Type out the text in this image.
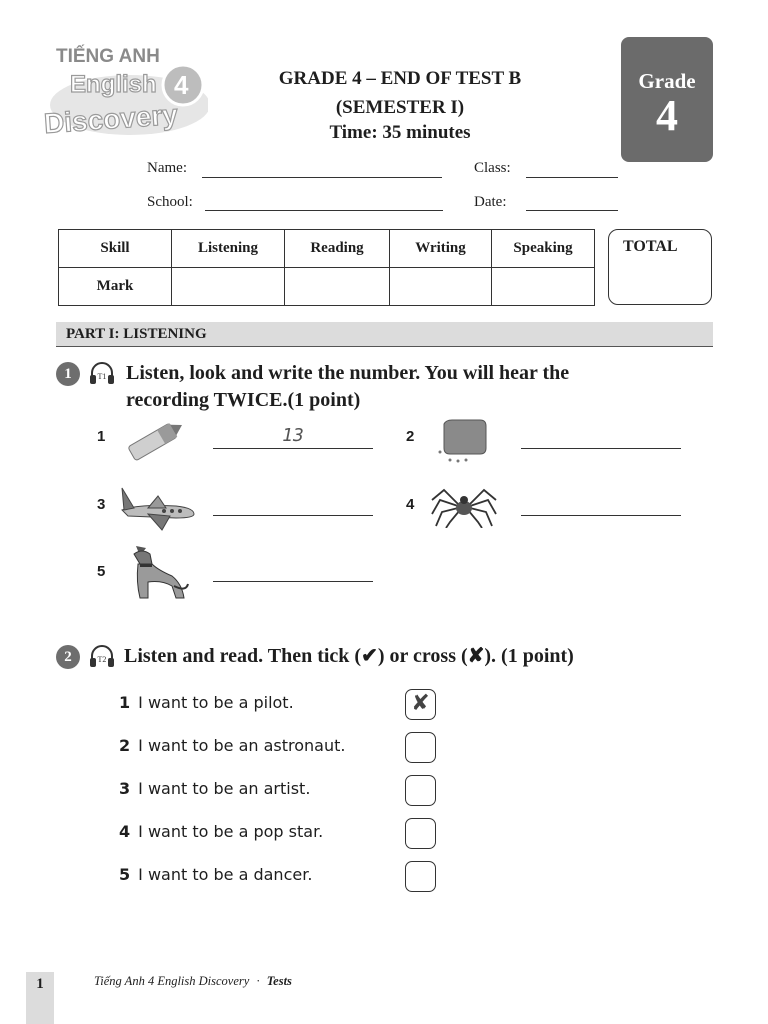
TIẾNG ANH
English 4
Discovery
GRADE 4 – END OF TEST B
(SEMESTER I)
Time: 35 minutes
Grade
4
Name:	Class:
School:	Date:
Skill	Listening	Reading	Writing	Speaking
Mark				
TOTAL
PART I: LISTENING
1	T1 Listen, look and write the number. You will hear the
recording TWICE.(1 point)
1	13	2
3	4
5
2	T2 Listen and read. Then tick (✔) or cross (✘). (1 point)
1 I want to be a pilot.	✘
2 I want to be an astronaut.
3 I want to be an artist.
4 I want to be a pop star.
5 I want to be a dancer.
1	Tiếng Anh 4 English Discovery · Tests
